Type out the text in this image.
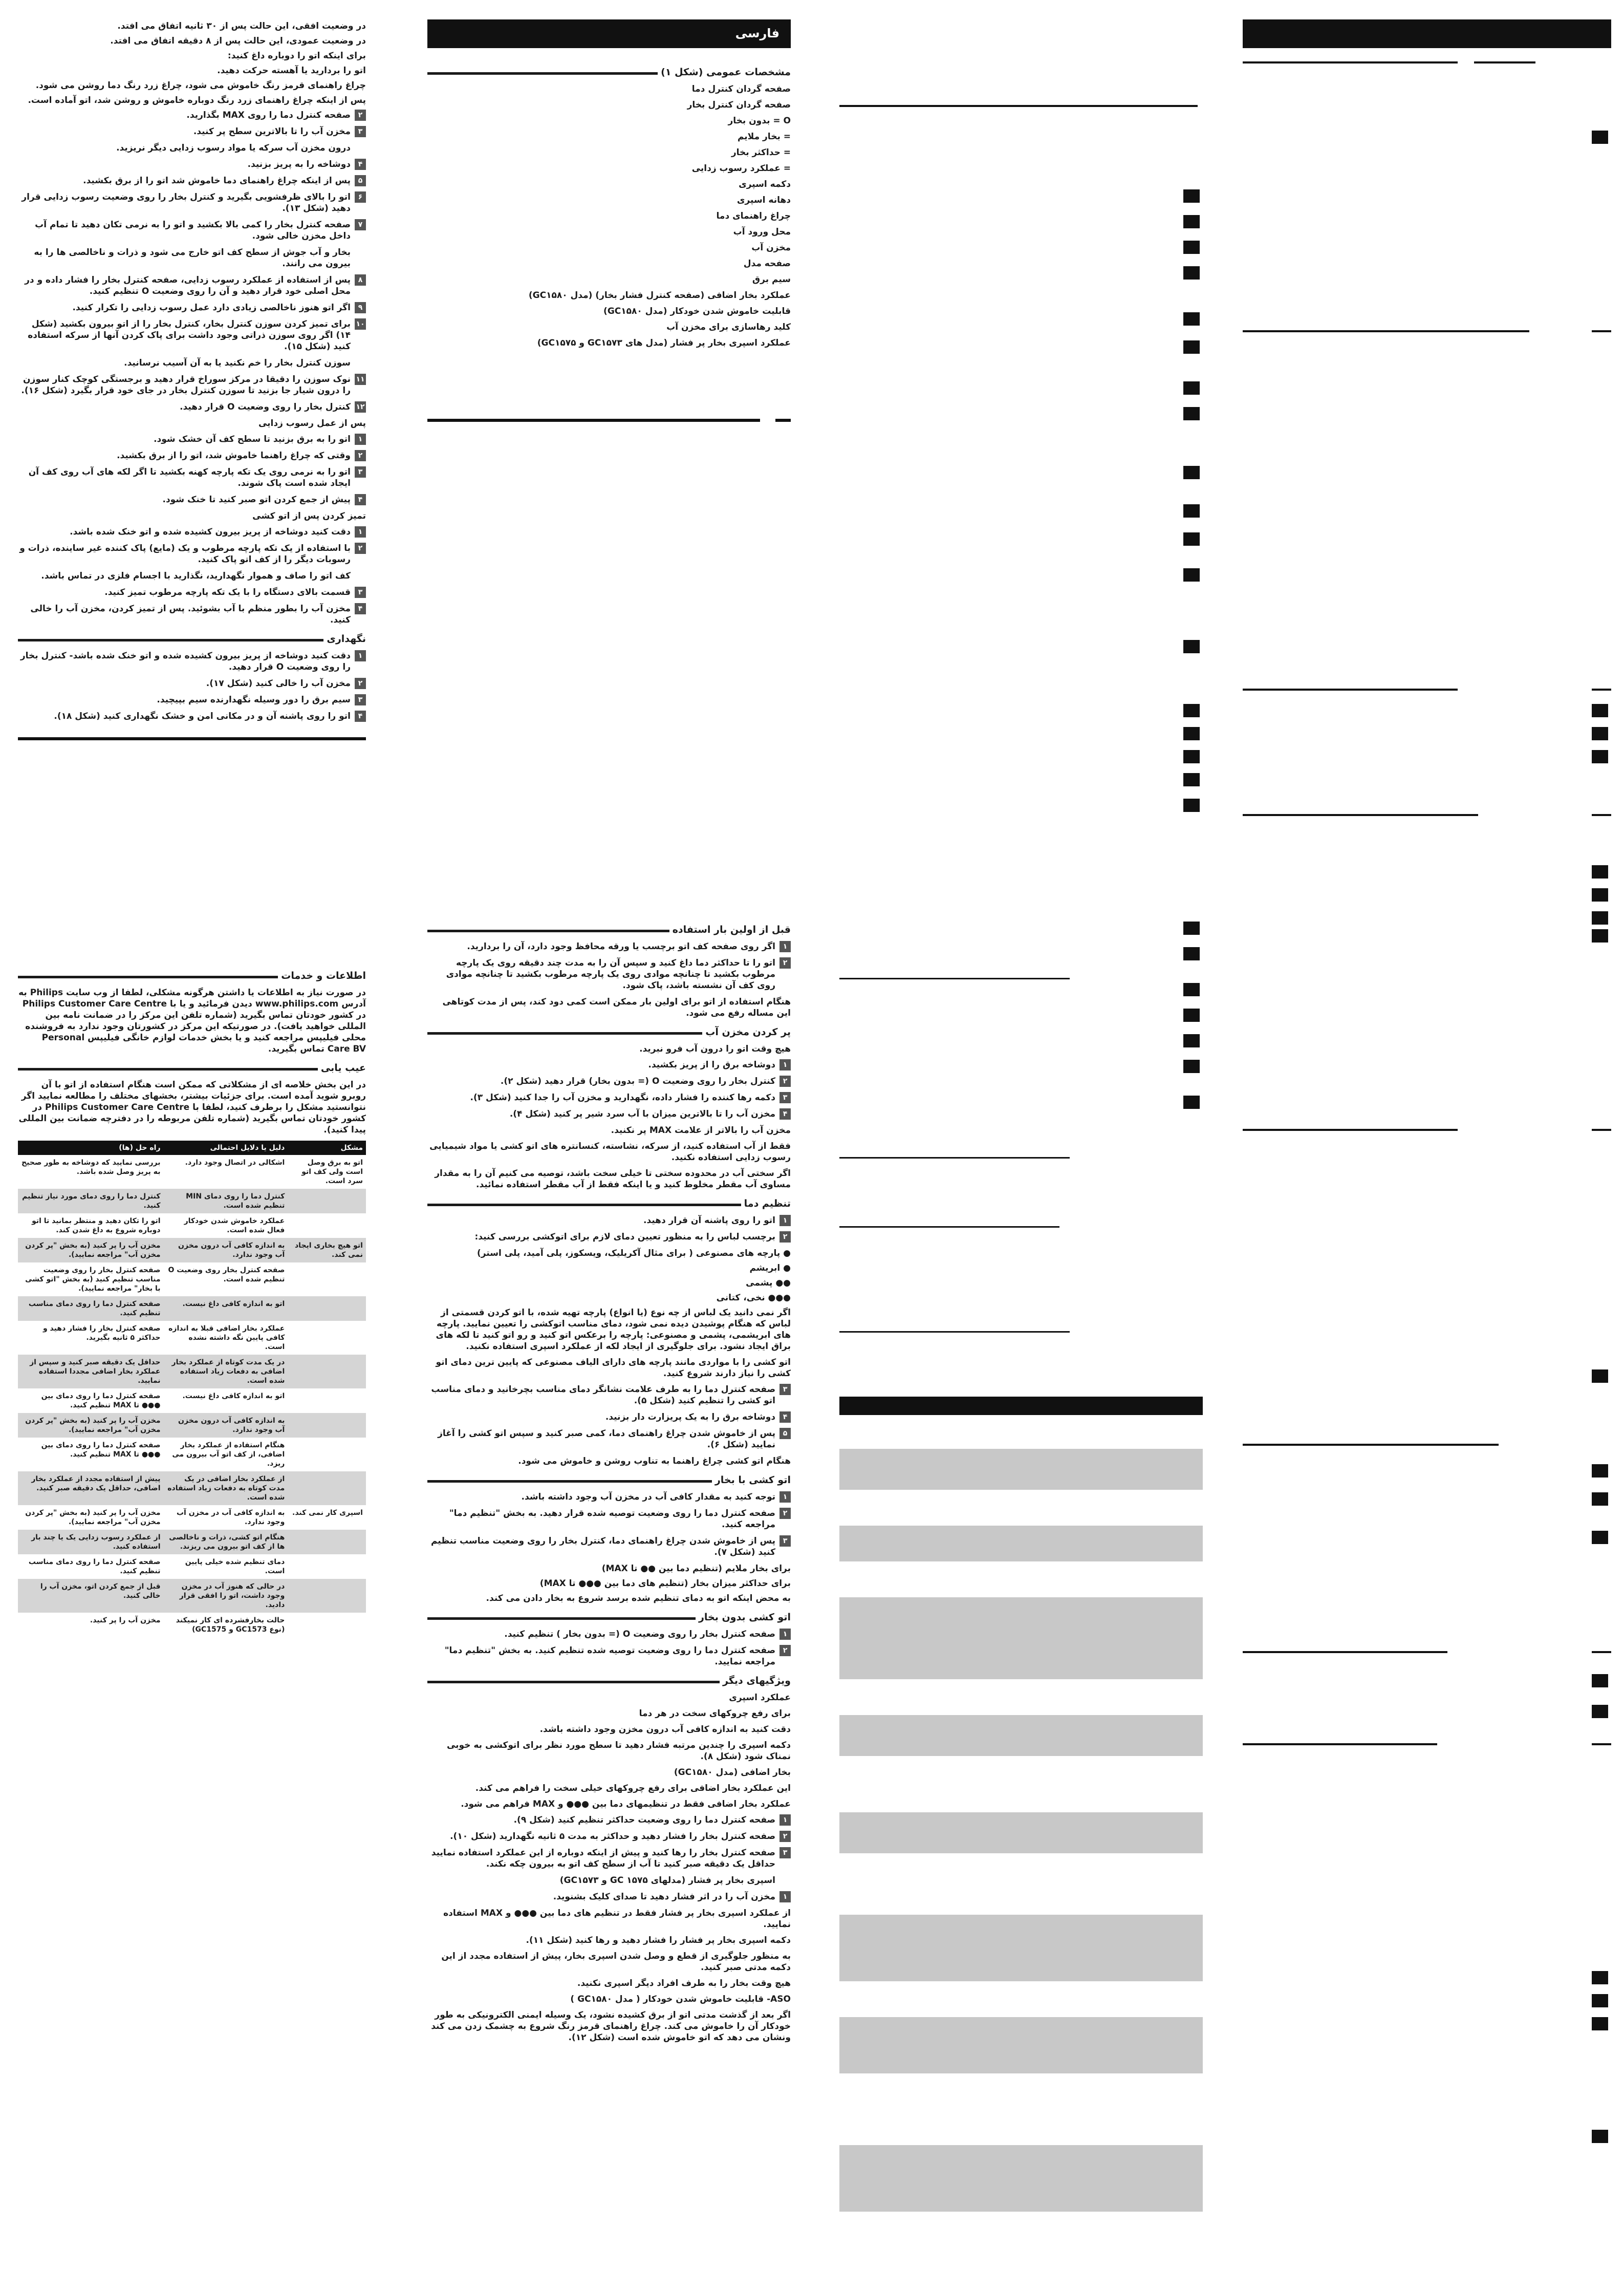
فارسی

در وضعیت افقی، این حالت پس از ۳۰ ثانیه اتفاق می افتد.

در وضعیت عمودی، این حالت پس از ۸ دقیقه اتفاق می افتد.

برای اینکه اتو را دوباره داغ کنید:

اتو را بردارید یا آهسته حرکت دهید.

چراغ راهنمای قرمز رنگ خاموش می شود، چراغ زرد رنگ دما روشن می شود.

پس از اینکه چراغ راهنمای زرد رنگ دوباره خاموش و روشن شد، اتو آماده است.

۲
صفحه کنترل دما را روی MAX بگذارید.
۳
مخزن آب را تا بالاترین سطح پر کنید.
درون مخزن آب سرکه یا مواد رسوب زدایی دیگر نریزید.
۴
دوشاخه را به پریز بزنید.
۵
پس از اینکه چراغ راهنمای دما خاموش شد اتو را از برق بکشید.
۶
اتو را بالای ظرفشویی بگیرید و کنترل بخار را روی وضعیت رسوب زدایی قرار دهید (شکل ۱۳).
۷
صفحه کنترل بخار را کمی بالا بکشید و اتو را به نرمی تکان دهید تا تمام آب داخل مخزن خالی شود.
بخار و آب جوش از سطح کف اتو خارج می شود و ذرات و ناخالصی ها را به بیرون می رانند.
۸
پس از استفاده از عملکرد رسوب زدایی، صفحه کنترل بخار را فشار داده و در محل اصلی خود قرار دهید و آن را روی وضعیت O تنظیم کنید.
۹
اگر اتو هنوز ناخالصی زیادی دارد عمل رسوب زدایی را تکرار کنید.
۱۰
برای تمیز کردن سوزن کنترل بخار، کنترل بخار را از اتو بیرون بکشید (شکل ۱۴) اگر روی سوزن ذراتی وجود داشت برای پاک کردن آنها از سرکه استفاده کنید (شکل ۱۵).
سوزن کنترل بخار را خم نکنید یا به آن آسیب نرسانید.
۱۱
نوک سوزن را دقیقا در مرکز سوراخ قرار دهید و برجستگی کوچک کنار سوزن را درون شیار جا بزنید تا سوزن کنترل بخار در جای خود قرار بگیرد (شکل ۱۶).
۱۲
کنترل بخار را روی وضعیت O قرار دهید.

پس از عمل رسوب زدایی

۱
اتو را به برق بزنید تا سطح کف آن خشک شود.
۲
وقتی که چراغ راهنما خاموش شد، اتو را از برق بکشید.
۳
اتو را به نرمی روی یک تکه پارچه کهنه بکشید تا اگر لکه های آب روی کف آن ایجاد شده است پاک شوند.
۴
پیش از جمع کردن اتو صبر کنید تا خنک شود.

تمیز کردن پس از اتو کشی

۱
دقت کنید دوشاخه از پریز بیرون کشیده شده و اتو خنک شده باشد.
۲
با استفاده از یک تکه پارچه مرطوب و یک (مایع) پاک کننده غیر ساینده، ذرات و رسوبات دیگر را از کف اتو پاک کنید.
کف اتو را صاف و هموار نگهدارید، نگذارید با اجسام فلزی در تماس باشد.
۳
قسمت بالای دستگاه را با یک تکه پارچه مرطوب تمیز کنید.
۴
مخزن آب را بطور منظم با آب بشوئید. پس از تمیز کردن، مخزن آب را خالی کنید.
نگهداری
۱
دقت کنید دوشاخه از پریز بیرون کشیده شده و اتو خنک شده باشد- کنترل بخار را روی وضعیت O قرار دهید.
۲
مخزن آب را خالی کنید (شکل ۱۷).
۳
سیم برق را دور وسیله نگهدارنده سیم بپیچید.
۴
اتو را روی پاشنه آن و در مکانی امن و خشک نگهداری کنید (شکل ۱۸).
اطلاعات و خدمات

در صورت نیاز به اطلاعات یا داشتن هرگونه مشکلی، لطفا از وب سایت Philips به آدرس www.philips.com دیدن فرمائید و یا با Philips Customer Care Centre در کشور خودتان تماس بگیرید (شماره تلفن این مرکز را در ضمانت نامه بین المللی خواهید یافت). در صورتیکه این مرکز در کشورتان وجود ندارد به فروشنده محلی فیلیپس مراجعه کنید و یا بخش خدمات لوازم خانگی فیلیپس Personal Care BV تماس بگیرید.

عیب یابی

در این بخش خلاصه ای از مشکلاتی که ممکن است هنگام استفاده از اتو با آن روبرو شوید آمده است. برای جزئیات بیشتر، بخشهای مختلف را مطالعه نمایید اگر نتوانستید مشکل را برطرف کنید، لطفا با Philips Customer Care Centre در کشور خودتان تماس بگیرید (شماره تلفن مربوطه را در دفترچه ضمانت بین المللی پیدا کنید).

مشکل	دلیل یا دلایل احتمالی	راه حل (ها)
اتو به برق وصل است ولی کف اتو سرد است.	اشکالی در اتصال وجود دارد.	بررسی نمایید که دوشاخه به طور صحیح به پریز وصل شده باشد.
	کنترل دما را روی دمای MIN تنظیم شده است.	کنترل دما را روی دمای مورد نیاز تنظیم کنید.
	عملکرد خاموش شدن خودکار فعال شده است.	اتو را تکان دهید و منتظر بمانید تا اتو دوباره شروع به داغ شدن کند.
اتو هیچ بخاری ایجاد نمی کند.	به اندازه کافی آب درون مخزن آب وجود ندارد.	مخزن آب را پر کنید (به بخش "پر کردن مخزن آب" مراجعه نمایید).
	صفحه کنترل بخار روی وضعیت O تنظیم شده است.	صفحه کنترل بخار را روی وضعیت مناسب تنظیم کنید (به بخش "اتو کشی با بخار" مراجعه نمایید).
	اتو به اندازه کافی داغ نیست.	صفحه کنترل دما را روی دمای مناسب تنظیم کنید.
	عملکرد بخار اضافی قبلا به اندازه کافی پایین نگه داشته نشده است.	صفحه کنترل بخار را فشار دهید و حداکثر ۵ ثانیه بگیرید.
	در یک مدت کوتاه از عملکرد بخار اضافی به دفعات زیاد استفاده شده است.	حداقل یک دقیقه صبر کنید و سپس از عملکرد بخار اضافی مجددا استفاده نمایید.
	اتو به اندازه کافی داغ نیست.	صفحه کنترل دما را روی دمای بین ●●● تا MAX تنظیم کنید.
	به اندازه کافی آب درون مخزن آب وجود ندارد.	مخزن آب را پر کنید (به بخش "پر کردن مخزن آب" مراجعه نمایید).
	هنگام استفاده از عملکرد بخار اضافی، از کف اتو آب بیرون می ریزد.	صفحه کنترل دما را روی دمای بین ●●● تا MAX تنظیم کنید.
	از عملکرد بخار اضافی در یک مدت کوتاه به دفعات زیاد استفاده شده است.	پیش از استفاده مجدد از عملکرد بخار اضافی، حداقل یک دقیقه صبر کنید.
اسپری کار نمی کند.	به اندازه کافی آب در مخزن آب وجود ندارد.	مخزن آب را پر کنید (به بخش "پر کردن مخزن آب" مراجعه نمایید).
	هنگام اتو کشی، ذرات و ناخالصی ها از کف اتو بیرون می ریزند.	از عملکرد رسوب زدایی یک یا چند بار استفاده کنید.
	دمای تنظیم شده خیلی پایین است.	صفحه کنترل دما را روی دمای مناسب تنظیم کنید.
	در حالی که هنوز آب در مخزن وجود داشت، اتو را افقی قرار دادید.	قبل از جمع کردن اتو، مخزن آب را خالی کنید.
	حالت بخارفشرده ای کار نمیکند (نوع GC1573 و GC1575)	مخزن آب را پر کنید.
مشخصات عمومی (شکل ۱)

صفحه گردان کنترل دما

صفحه گردان کنترل بخار

O = بدون بخار

= بخار ملایم

= حداکثر بخار

= عملکرد رسوب زدایی

دکمه اسپری

دهانه اسپری

چراغ راهنمای دما

محل ورود آب

مخزن آب

صفحه مدل

سیم برق

عملکرد بخار اضافی (صفحه کنترل فشار بخار) (مدل GC۱۵۸۰)

قابلیت خاموش شدن خودکار (مدل GC۱۵۸۰)

کلید رهاسازی برای مخزن آب

عملکرد اسپری بخار پر فشار (مدل های GC۱۵۷۳ و GC۱۵۷۵)

قبل از اولین بار استفاده
۱
اگر روی صفحه کف اتو برچسب یا ورقه محافظ وجود دارد، آن را بردارید.
۲
اتو را تا حداکثر دما داغ کنید و سپس آن را به مدت چند دقیقه روی یک پارچه مرطوب بکشید تا چنانچه موادی روی یک پارچه مرطوب بکشید تا چنانچه موادی روی کف آن نشسته باشد، پاک شود.

هنگام استفاده از اتو برای اولین بار ممکن است کمی دود کند، پس از مدت کوتاهی این مساله رفع می شود.

پر کردن مخزن آب

هیچ وقت اتو را درون آب فرو نبرید.

۱
دوشاخه برق را از پریز بکشید.
۲
کنترل بخار را روی وضعیت O (= بدون بخار) قرار دهید (شکل ۲).
۳
دکمه رها کننده را فشار داده، نگهدارید و مخزن آب را جدا کنید (شکل ۳).
۴
مخزن آب را تا بالاترین میزان با آب سرد شیر پر کنید (شکل ۴).

مخزن آب را بالاتر از علامت MAX پر نکنید.

فقط از آب استفاده کنید، از سرکه، نشاسته، کنسانتره های اتو کشی یا مواد شیمیایی رسوب زدایی استفاده نکنید.

اگر سختی آب در محدوده سختی تا خیلی سخت باشد، توصیه می کنیم آن را به مقدار مساوی آب مقطر مخلوط کنید و یا اینکه فقط از آب مقطر استفاده نمائید.

تنظیم دما
۱
اتو را روی پاشنه آن قرار دهید.
۲
برچسب لباس را به منظور تعیین دمای لازم برای اتوکشی بررسی کنید:

● پارچه های مصنوعی ( برای مثال آکریلیک، ویسکوز، پلی آمید، پلی استر)

● ابریشم

●● پشمی

●●● نخی، کتانی

اگر نمی دانید یک لباس از چه نوع (یا انواع) پارچه تهیه شده، با اتو کردن قسمتی از لباس که هنگام پوشیدن دیده نمی شود، دمای مناسب اتوکشی را تعیین نمایید. پارچه های ابریشمی، پشمی و مصنوعی: پارچه را برعکس اتو کنید و رو اتو کنید تا لکه های براق ایجاد نشود. برای جلوگیری از ایجاد لکه از عملکرد اسپری استفاده نکنید.

اتو کشی را با مواردی مانند پارچه های دارای الیاف مصنوعی که پایین ترین دمای اتو کشی را نیاز دارند شروع کنید.

۳
صفحه کنترل دما را به طرف علامت نشانگر دمای مناسب بچرخانید و دمای مناسب اتو کشی را تنظیم کنید (شکل ۵).
۴
دوشاخه برق را به یک پریزارت دار بزنید.
۵
پس از خاموش شدن چراغ راهنمای دما، کمی صبر کنید و سپس اتو کشی را آغاز نمایید (شکل ۶).

هنگام اتو کشی چراغ راهنما به تناوب روشن و خاموش می شود.

اتو کشی با بخار
۱
توجه کنید به مقدار کافی آب در مخزن آب وجود داشته باشد.
۲
صفحه کنترل دما را روی وضعیت توصیه شده قرار دهید. به بخش "تنظیم دما" مراجعه کنید.
۳
پس از خاموش شدن چراغ راهنمای دما، کنترل بخار را روی وضعیت مناسب تنظیم کنید (شکل ۷).

برای بخار ملایم (تنظیم دما بین ●● تا MAX)

برای حداکثر میزان بخار (تنظیم های دما بین ●●● تا MAX)

به محض اینکه اتو به دمای تنظیم شده برسد شروع به بخار دادن می کند.

اتو کشی بدون بخار
۱
صفحه کنترل بخار را روی وضعیت O (= بدون بخار ) تنظیم کنید.
۲
صفحه کنترل دما را روی وضعیت توصیه شده تنظیم کنید. به بخش "تنظیم دما" مراجعه نمایید.
ویژگیهای دیگر

عملکرد اسپری

برای رفع چروکهای سخت در هر دما

دقت کنید به اندازه کافی آب درون مخزن وجود داشته باشد.

دکمه اسپری را چندین مرتبه فشار دهید تا سطح مورد نظر برای اتوکشی به خوبی نمناک شود (شکل ۸).

بخار اضافی (مدل GC۱۵۸۰)

این عملکرد بخار اضافی برای رفع چروکهای خیلی سخت را فراهم می کند.

عملکرد بخار اضافی فقط در تنظیمهای دما بین ●●● و MAX فراهم می شود.

۱
صفحه کنترل دما را روی وضعیت حداکثر تنظیم کنید (شکل ۹).
۲
صفحه کنترل بخار را فشار دهید و حداکثر به مدت ۵ ثانیه نگهدارید (شکل ۱۰).
۳
صفحه کنترل بخار را رها کنید و پیش از اینکه دوباره از این عملکرد استفاده نمایید حداقل یک دقیقه صبر کنید تا آب از سطح کف اتو به بیرون چکه نکند.
اسپری بخار پر فشار (مدلهای GC ۱۵۷۵ و GC۱۵۷۳)
۱
مخزن آب را در اثر فشار دهید تا صدای کلیک بشنوید.

از عملکرد اسپری بخار پر فشار فقط در تنظیم های دما بین ●●● و MAX استفاده نمایید.

دکمه اسپری بخار پر فشار را فشار دهید و رها کنید (شکل ۱۱).

به منظور جلوگیری از قطع و وصل شدن اسپری بخار، پیش از استفاده مجدد از این دکمه مدتی صبر کنید.

هیچ وقت بخار را به طرف افراد دیگر اسپری نکنید.

ASO- قابلیت خاموش شدن خودکار ( مدل GC۱۵۸۰ )

اگر بعد از گذشت مدتی اتو از برق کشیده نشود، یک وسیله ایمنی الکترونیکی به طور خودکار آن را خاموش می کند. چراغ راهنمای قرمز رنگ شروع به چشمک زدن می کند ونشان می دهد که اتو خاموش شده است (شکل ۱۲).
